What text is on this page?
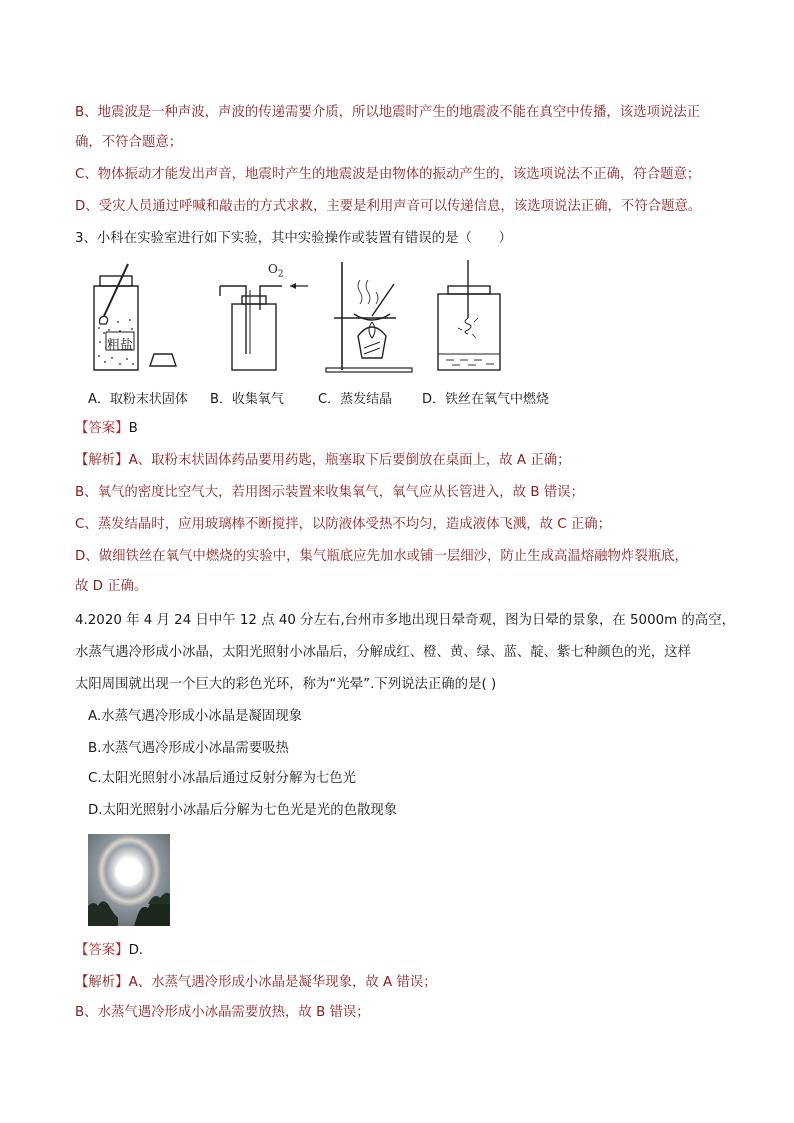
B、地震波是一种声波，声波的传递需要介质，所以地震时产生的地震波不能在真空中传播，该选项说法正
确，不符合题意；
C、物体振动才能发出声音，地震时产生的地震波是由物体的振动产生的，该选项说法不正确，符合题意；
D、受灾人员通过呼喊和敲击的方式求救，主要是利用声音可以传递信息，该选项说法正确，不符合题意。
3、小科在实验室进行如下实验，其中实验操作或装置有错误的是（　　）
粗盐
$O_2$
A．取粉末状固体 B．收集氧气	C．蒸发结晶 D．铁丝在氧气中燃烧
【答案】B
【解析】A、取粉末状固体药品要用药匙，瓶塞取下后要倒放在桌面上，故 A 正确；
B、氧气的密度比空气大，若用图示装置来收集氧气，氧气应从长管进入，故 B 错误；
C、蒸发结晶时，应用玻璃棒不断搅拌，以防液体受热不均匀，造成液体飞溅，故 C 正确；
D、做细铁丝在氧气中燃烧的实验中，集气瓶底应先加水或铺一层细沙，防止生成高温熔融物炸裂瓶底，
故 D 正确。
4.2020 年 4 月 24 日中午 12 点 40 分左右,台州市多地出现日晕奇观，图为日晕的景象，在 5000m 的高空，
水蒸气遇冷形成小冰晶，太阳光照射小冰晶后，分解成红、橙、黄、绿、蓝、靛、紫七种颜色的光，这样
太阳周围就出现一个巨大的彩色光环，称为“光晕”.下列说法正确的是( )
A.水蒸气遇冷形成小冰晶是凝固现象
B.水蒸气遇冷形成小冰晶需要吸热
C.太阳光照射小冰晶后通过反射分解为七色光
D.太阳光照射小冰晶后分解为七色光是光的色散现象
【答案】D．
【解析】A、水蒸气遇冷形成小冰晶是凝华现象，故 A 错误；
B、水蒸气遇冷形成小冰晶需要放热，故 B 错误；
